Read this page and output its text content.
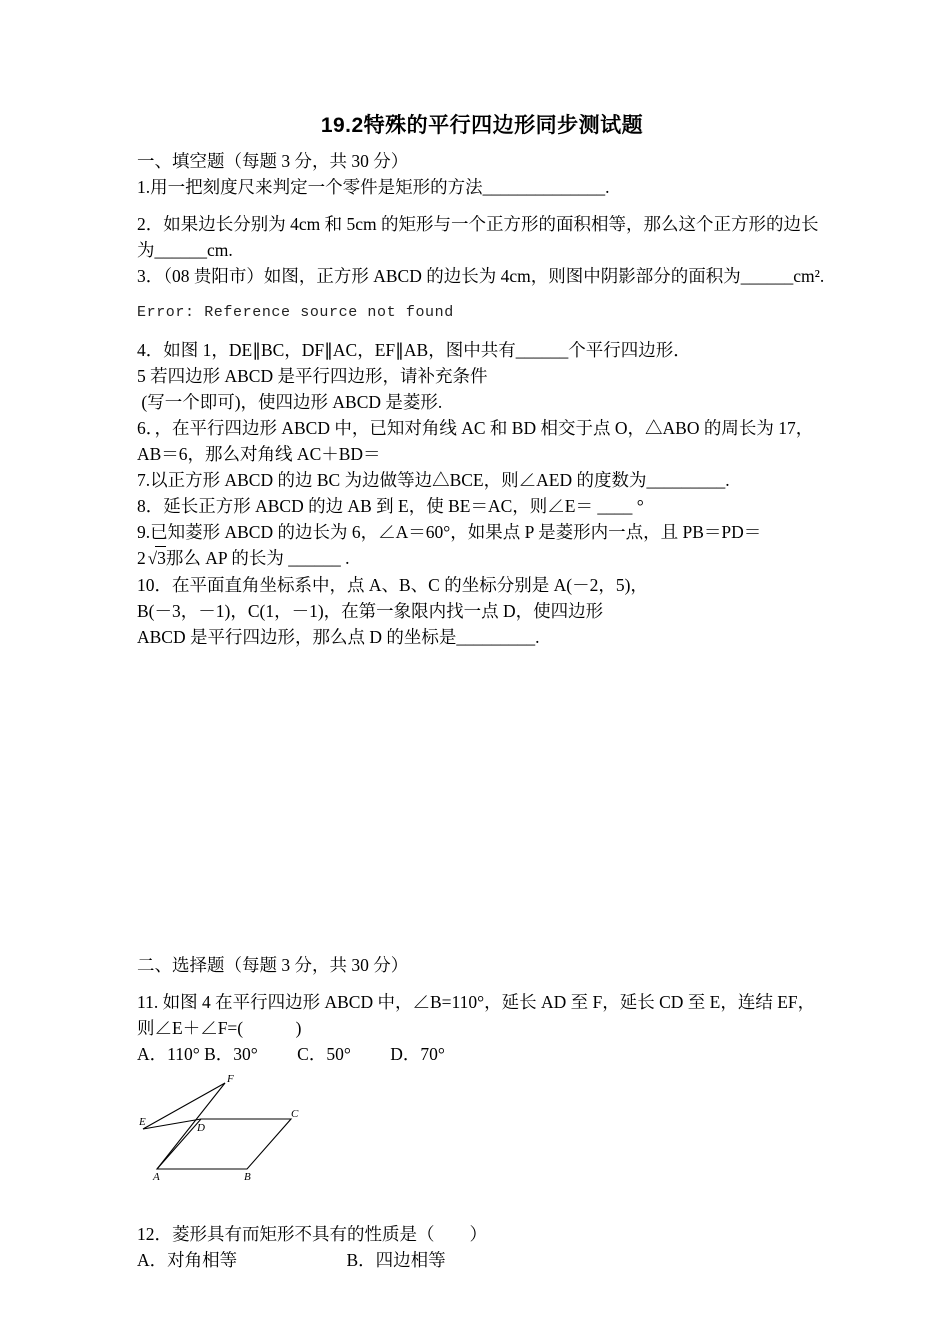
19.2特殊的平行四边形同步测试题

一、填空题（每题 3 分，共 30 分）

1.用一把刻度尺来判定一个零件是矩形的方法______________.

2．如果边长分别为 4cm 和 5cm 的矩形与一个正方形的面积相等，那么这个正方形的边长为______cm.

3．（08 贵阳市）如图，正方形 ABCD 的边长为 4cm，则图中阴影部分的面积为______cm².

Error: Reference source not found

4．如图 1，DE∥BC，DF∥AC，EF∥AB，图中共有______个平行四边形．

5 若四边形 ABCD 是平行四边形，请补充条件

(写一个即可)，使四边形 ABCD 是菱形.

6．，在平行四边形 ABCD 中，已知对角线 AC 和 BD 相交于点 O，△ABO 的周长为 17，AB＝6，那么对角线 AC＋BD＝

7.以正方形 ABCD 的边 BC 为边做等边△BCE，则∠AED 的度数为_________.

8．延长正方形 ABCD 的边 AB 到 E，使 BE＝AC，则∠E＝ ____ °

9.已知菱形 ABCD 的边长为 6，∠A＝60°，如果点 P 是菱形内一点，且 PB＝PD＝

2 √3那么 AP 的长为 ______ .

10．在平面直角坐标系中，点 A、B、C 的坐标分别是 A(－2，5)，

B(－3，－1)，C(1，－1)，在第一象限内找一点 D，使四边形

ABCD 是平行四边形，那么点 D 的坐标是_________.

二、选择题（每题 3 分，共 30 分）

11. 如图 4 在平行四边形 ABCD 中，∠B=110°，延长 AD 至 F，延长 CD 至 E，连结 EF，则∠E＋∠F=(　　　)

A．110° B．30°　　 C．50°　　 D．70°

F
E	D
C
A	B

12．菱形具有而矩形不具有的性质是（　　）

A．对角相等　　　　　　 B．四边相等
